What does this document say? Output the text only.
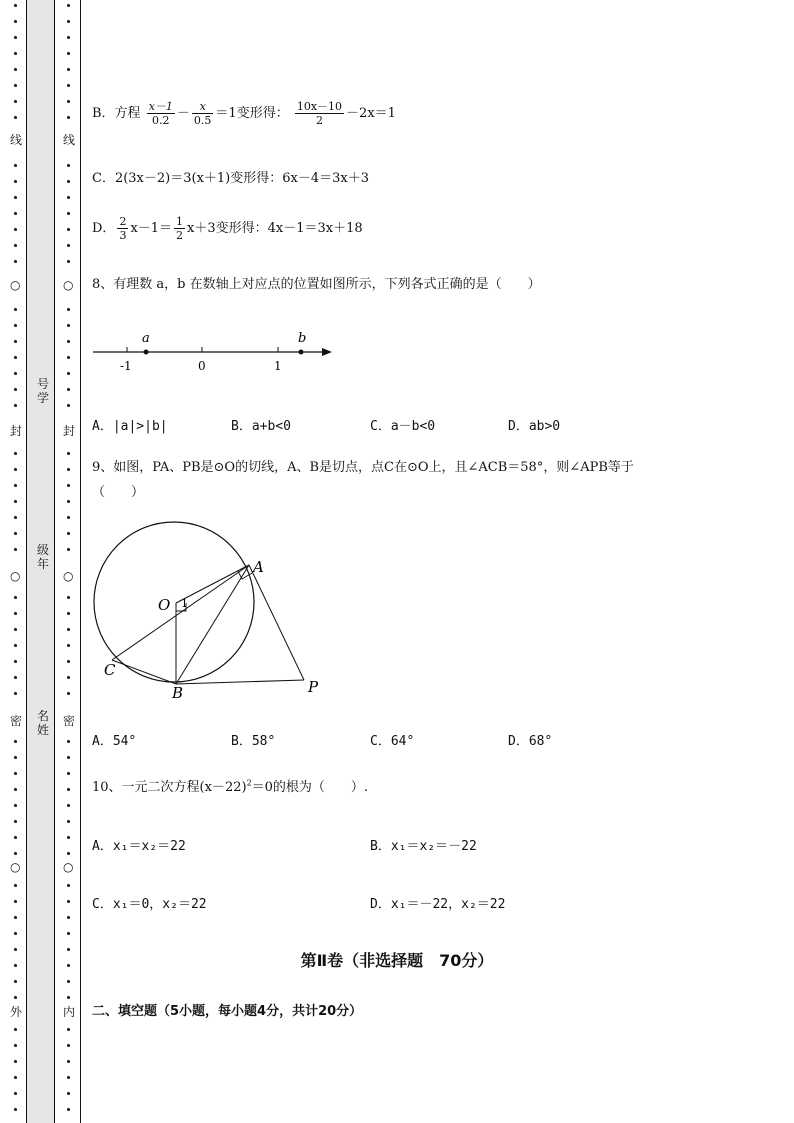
线
○
封
○
密
○
外
线
○
封
○
密
○
内
号学
级年
名姓
B．方程 $\frac{x-1}{0.2} - \frac{x}{0.5} =1$变形得： $\frac{10x-10}{2} -2x=1$
C．2(3x－2)＝3(x＋1)变形得：6x－4＝3x＋3
D． $\frac{2}{3} x-1= \frac{1}{2} x+3$变形得：4x－1＝3x＋18
8、有理数 a，b 在数轴上对应点的位置如图所示，下列各式正确的是（　　）
a	b
-1	0	1
A．|a|>|b|	B．a+b<0	C．a－b<0	D．ab>0
9、如图，PA、PB是⊙O的切线，A、B是切点，点C在⊙O上，且∠ACB＝58°，则∠APB等于
（　　）
A
B
C
O
P
1
A．54°	B．58°	C．64°	D．68°
10、一元二次方程$(x-22)^2=0$的根为（　　）.
A．x₁＝x₂＝22	B．x₁＝x₂＝－22
C．x₁＝0，x₂＝22	D．x₁＝－22，x₂＝22
第Ⅱ卷（非选择题　70分）
二、填空题（5小题，每小题4分，共计20分）
